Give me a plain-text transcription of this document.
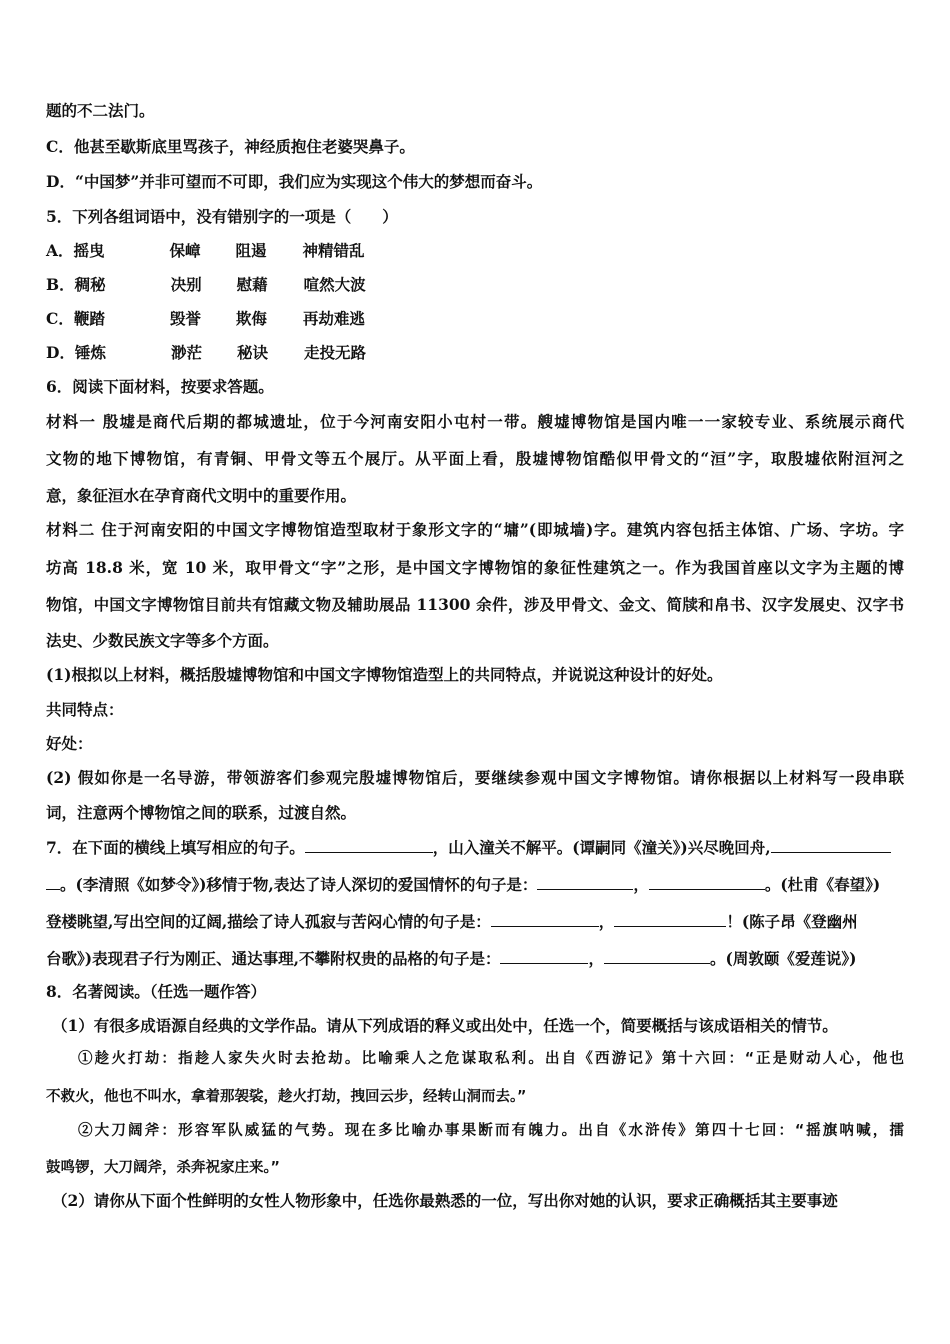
题的不二法门。
C．他甚至歇斯底里骂孩子，神经质抱住老婆哭鼻子。
D．“中国梦”并非可望而不可即，我们应为实现这个伟大的梦想而奋斗。
5．下列各组词语中，没有错别字的一项是（　　）
A．摇曳	保嶂 阻遏 神精错乱
B．稠秘	决别 慰藉 喧然大波
C．鞭踏	毁誉 欺侮 再劫难逃
D．锤炼	渺茫 秘诀 走投无路
6．阅读下面材料，按要求答题。
材料一 殷墟是商代后期的都城遗址，位于今河南安阳小屯村一带。艘墟博物馆是国内唯一一家较专业、系统展示商代
文物的地下博物馆，有青铜、甲骨文等五个展厅。从平面上看，殷墟博物馆酷似甲骨文的“洹”字，取殷墟依附洹河之
意，象征洹水在孕育商代文明中的重要作用。
材料二 住于河南安阳的中国文字博物馆造型取材于象形文字的“墉”(即城墙)字。建筑内容包括主体馆、广场、字坊。字
坊高 18.8 米，宽 10 米，取甲骨文“字”之形，是中国文字博物馆的象征性建筑之一。作为我国首座以文字为主题的博
物馆，中国文字博物馆目前共有馆藏文物及辅助展品 11300 余件，涉及甲骨文、金文、简牍和帛书、汉字发展史、汉字书
法史、少数民族文字等多个方面。
(1)根拟以上材料，概括殷墟博物馆和中国文字博物馆造型上的共同特点，并说说这种设计的好处。
共同特点：
好处：
(2) 假如你是一名导游，带领游客们参观完殷墟博物馆后，要继续参观中国文字博物馆。请你根据以上材料写一段串联
词，注意两个博物馆之间的联系，过渡自然。
7．在下面的横线上填写相应的句子。	，山入潼关不解平。(谭嗣同《潼关》)兴尽晚回舟,
。(李清照《如梦令》)移情于物,表达了诗人深切的爱国情怀的句子是：	，	。(杜甫《春望》)
登楼眺望,写出空间的辽阔,描绘了诗人孤寂与苦闷心情的句子是：	，	！(陈子昂《登幽州
台歌》)表现君子行为刚正、通达事理,不攀附权贵的品格的句子是：	，	。(周敦颐《爱莲说》)
8．名著阅读。（任选一题作答）
（1）有很多成语源自经典的文学作品。请从下列成语的释义或出处中，任选一个，简要概括与该成语相关的情节。
①趁火打劫：指趁人家失火时去抢劫。比喻乘人之危谋取私利。出自《西游记》第十六回：“正是财动人心，他也
不救火，他也不叫水，拿着那袈裟，趁火打劫，拽回云步，经转山洞而去。”
②大刀阔斧：形容军队威猛的气势。现在多比喻办事果断而有魄力。出自《水浒传》第四十七回：“摇旗呐喊，擂
鼓鸣锣，大刀阔斧，杀奔祝家庄来。”
（2）请你从下面个性鲜明的女性人物形象中，任选你最熟悉的一位，写出你对她的认识，要求正确概括其主要事迹
